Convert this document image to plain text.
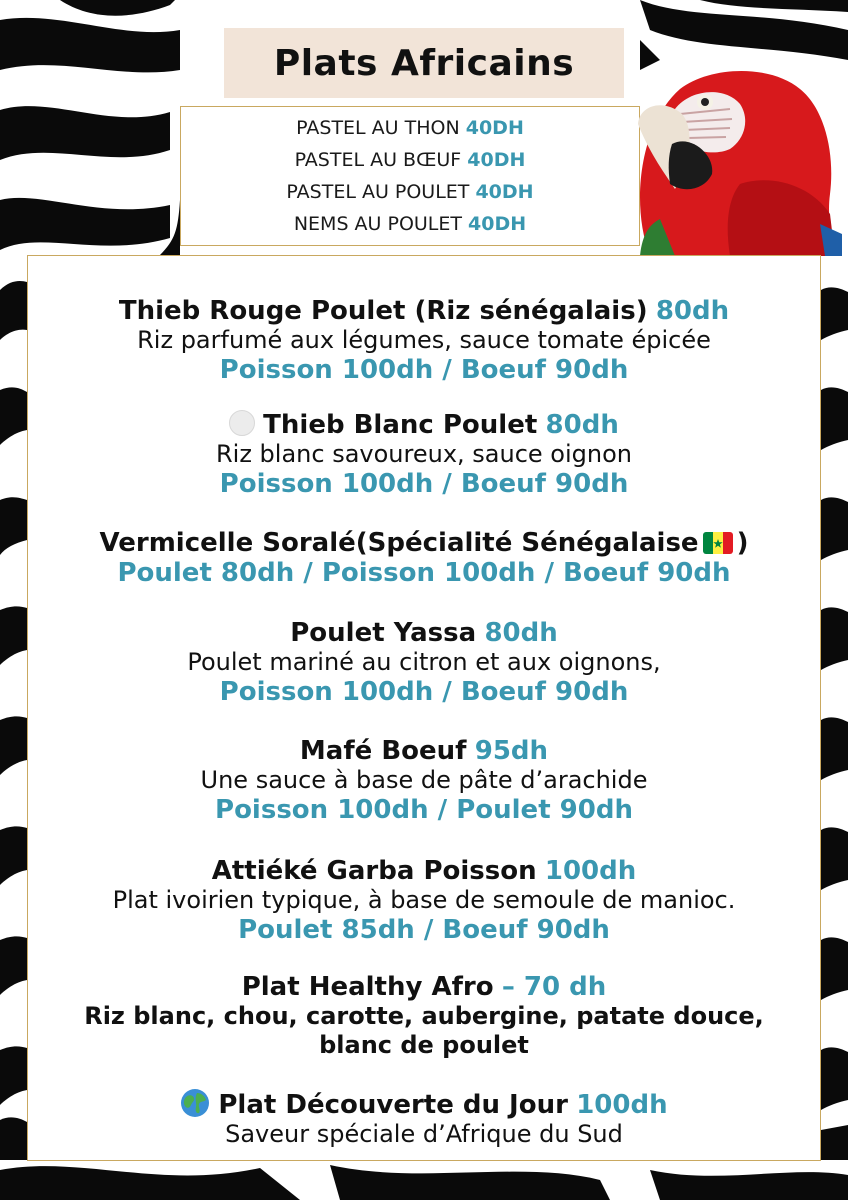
Plats Africains
PASTEL AU THON 40DH
PASTEL AU BŒUF 40DH
PASTEL AU POULET 40DH
NEMS AU POULET 40DH
Thieb Rouge Poulet (Riz sénégalais) 80dh
Riz parfumé aux légumes, sauce tomate épicée
Poisson 100dh / Boeuf 90dh
Thieb Blanc Poulet 80dh
Riz blanc savoureux, sauce oignon
Poisson 100dh / Boeuf 90dh
Vermicelle Soralé(Spécialité Sénégalaise )
Poulet 80dh / Poisson 100dh / Boeuf 90dh
Poulet Yassa 80dh
Poulet mariné au citron et aux oignons,
Poisson 100dh / Boeuf 90dh
Mafé Boeuf 95dh
Une sauce à base de pâte d’arachide
Poisson 100dh / Poulet 90dh
Attiéké Garba Poisson 100dh
Plat ivoirien typique, à base de semoule de manioc.
Poulet 85dh / Boeuf 90dh
Plat Healthy Afro – 70 dh
Riz blanc, chou, carotte, aubergine, patate douce,
blanc de poulet
Plat Découverte du Jour 100dh
Saveur spéciale d’Afrique du Sud
